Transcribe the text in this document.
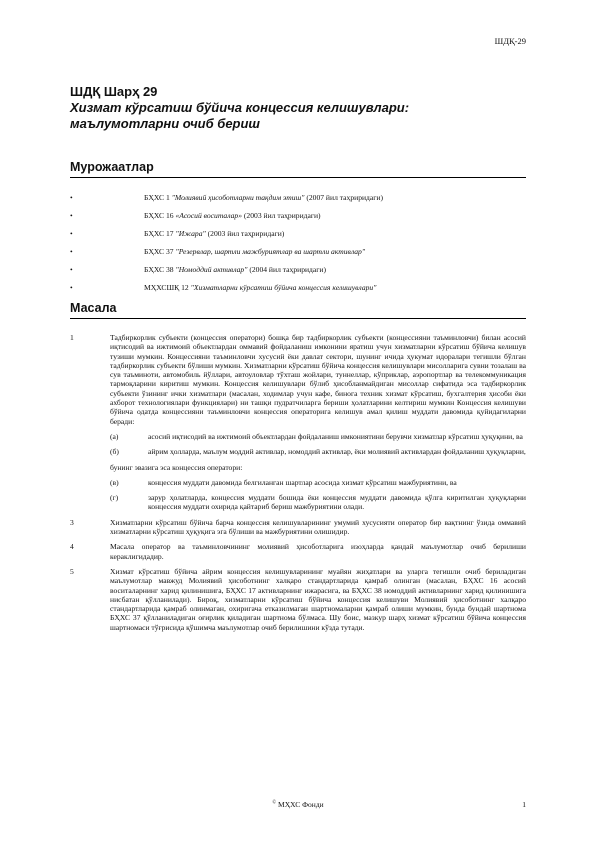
ШДҚ-29
ШДҚ Шарҳ 29
Хизмат кўрсатиш бўйича концессия келишувлари:
маълумотларни очиб бериш
Мурожаатлар
•	БҲХС 1 "Молиявий ҳисоботларни тақдим этиш" (2007 йил таҳриридаги)
•	БҲХС 16 «Асосий воситалар» (2003 йил таҳриридаги)
•	БҲХС 17 "Ижара" (2003 йил таҳриридаги)
•	БҲХС 37 "Резервлар, шартли мажбуриятлар ва шартли активлар"
•	БҲХС 38 "Номоддий активлар" (2004 йил таҳриридаги)
•	МҲХСШҚ 12 "Хизматларни кўрсатиш бўйича концессия келишувлари"
Масала
1	Тадбиркорлик субъекти (концессия оператори) бошқа бир тадбиркорлик субъекти (концессияни таъминловчи) билан асосий иқтисодий ва ижтимоий объектлардан оммавий фойдаланиш имконини яратиш учун хизматларни кўрсатиш бўйича келишув тузиши мумкин. Концессияни таъминловчи хусусий ёки давлат сектори, шунинг ичида ҳукумат идоралари тегишли бўлган тадбиркорлик субъекти бўлиши мумкин. Хизматларни кўрсатиш бўйича концессия келишувлари мисолларига сувни тозалаш ва сув таъминоти, автомобиль йўллари, автоуловлар тўхташ жойлари, туннеллар, кўприклар, аэропортлар ва телекоммуникация тармоқларини киритиш мумкин. Концессия келишувлари бўлиб ҳисобланмайдиган мисоллар сифатида эса тадбиркорлик субъекти ўзининг ички хизматлари (масалан, ходимлар учун кафе, бинога техник хизмат кўрсатиш, бухгалтерия ҳисоби ёки ахборот технологиялари функциялари) ни ташқи пудратчиларга бериши ҳолатларини келтириш мумкин Концессия келишуви бўйича одатда концессияни таъминловчи концессия операторига келишув амал қилиш муддати давомида қуйидагиларни беради:

(а)	асосий иқтисодий ва ижтимоий объектлардан фойдаланиш имкониятини берувчи хизматлар кўрсатиш ҳуқуқини, ва

(б)	айрим ҳолларда, маълум моддий активлар, номоддий активлар, ёки молиявий активлардан фойдаланиш ҳуқуқларни,

бунинг эвазига эса концессия оператори:

(в)	концессия муддати давомида белгиланган шартлар асосида хизмат кўрсатиш мажбуриятини, ва

(г)	зарур ҳолатларда, концессия муддати бошида ёки концессия муддати давомида қўлга киритилган ҳуқуқларни концессия муддати охирида қайтариб бериш мажбуриятини олади.

3	Хизматларни кўрсатиш бўйича барча концессия келишувларининг умумий хусусияти оператор бир вақтнинг ўзида оммавий хизматларни кўрсатиш ҳуқуқига эга бўлиши ва мажбуриятини олишидир.

4	Масала оператор ва таъминловчининг молиявий ҳисоботларига изоҳларда қандай маълумотлар очиб берилиши кераклигидадир.

5	Хизмат кўрсатиш бўйича айрим концессия келишувларининг муайян жиҳатлари ва уларга тегишли очиб бериладиган маълумотлар мавжуд Молиявий ҳисоботнинг халқаро стандартларида қамраб олинган (масалан, БҲХС 16 асосий воситаларнинг харид қилинишига, БҲХС 17 активларнинг ижарасига, ва БҲХС 38 номоддий активларнинг харид қилинишига нисбатан қўлланилади). Бироқ, хизматларни кўрсатиш бўйича концессия келишуви Молиявий ҳисоботнинг халқаро стандартларида қамраб олинмаган, охиригача етказилмаган шартномаларни қамраб олиши мумкин, бунда бундай шартнома БҲХС 37 қўлланиладиган оғирлик қиладиган шартнома бўлмаса. Шу боис, мазкур шарҳ хизмат кўрсатиш бўйича концессия шартномаси тўғрисида қўшимча маълумотлар очиб берилишини кўзда тутади.

© МҲХС Фонди	1
